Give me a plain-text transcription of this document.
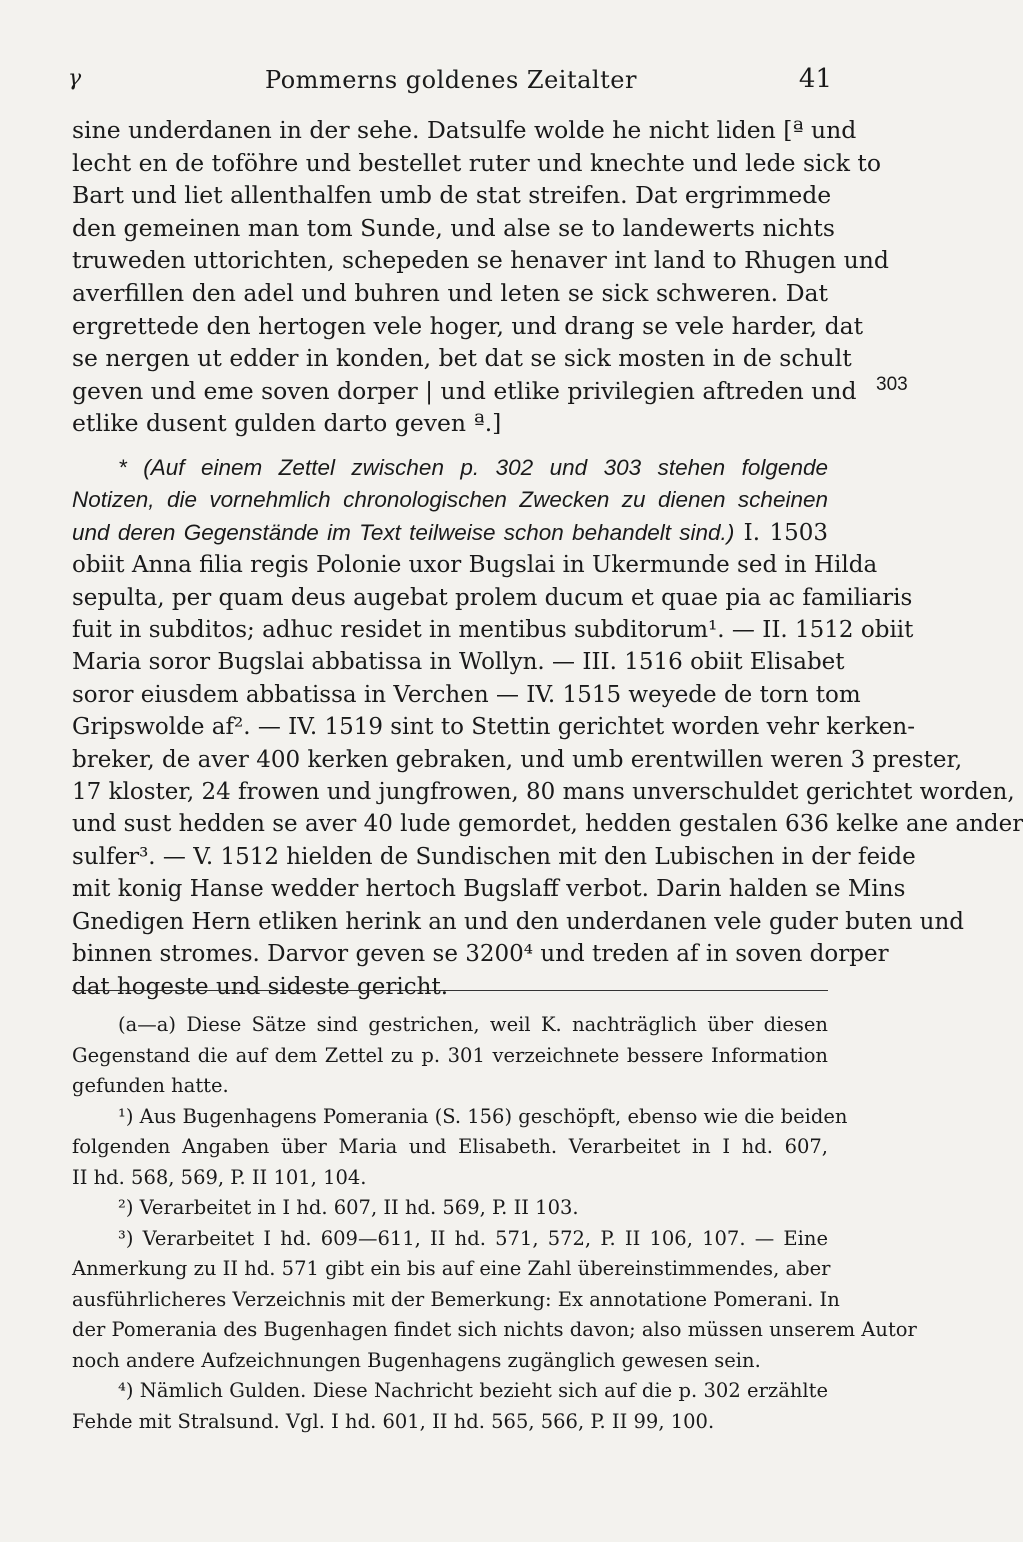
γ	Pommerns goldenes Zeitalter	41
303
sine underdanen in der sehe. Datsulfe wolde he nicht liden [ª und
lecht en de toföhre und bestellet ruter und knechte und lede sick to
Bart und liet allenthalfen umb de stat streifen. Dat ergrimmede
den gemeinen man tom Sunde, und alse se to landewerts nichts
truweden uttorichten, schepeden se henaver int land to Rhugen und
averfillen den adel und buhren und leten se sick schweren. Dat
ergrettede den hertogen vele hoger, und drang se vele harder, dat
se nergen ut edder in konden, bet dat se sick mosten in de schult
geven und eme soven dorper | und etlike privilegien aftreden und
etlike dusent gulden darto geven ª.]
* (Auf einem Zettel zwischen p. 302 und 303 stehen folgende
Notizen, die vornehmlich chronologischen Zwecken zu dienen scheinen
und deren Gegenstände im Text teilweise schon behandelt sind.) I. 1503
obiit Anna filia regis Polonie uxor Bugslai in Ukermunde sed in Hilda
sepulta, per quam deus augebat prolem ducum et quae pia ac familiaris
fuit in subditos; adhuc residet in mentibus subditorum¹. — II. 1512 obiit
Maria soror Bugslai abbatissa in Wollyn. — III. 1516 obiit Elisabet
soror eiusdem abbatissa in Verchen — IV. 1515 weyede de torn tom
Gripswolde af². — IV. 1519 sint to Stettin gerichtet worden vehr kerken-
breker, de aver 400 kerken gebraken, und umb erentwillen weren 3 prester,
17 kloster, 24 frowen und jungfrowen, 80 mans unverschuldet gerichtet worden,
und sust hedden se aver 40 lude gemordet, hedden gestalen 636 kelke ane ander
sulfer³. — V. 1512 hielden de Sundischen mit den Lubischen in der feide
mit konig Hanse wedder hertoch Bugslaff verbot. Darin halden se Mins
Gnedigen Hern etliken herink an und den underdanen vele guder buten und
binnen stromes. Darvor geven se 3200⁴ und treden af in soven dorper
dat hogeste und sideste gericht.
(a—a) Diese Sätze sind gestrichen, weil K. nachträglich über diesen
Gegenstand die auf dem Zettel zu p. 301 verzeichnete bessere Information
gefunden hatte.
¹) Aus Bugenhagens Pomerania (S. 156) geschöpft, ebenso wie die beiden
folgenden Angaben über Maria und Elisabeth. Verarbeitet in I hd. 607,
II hd. 568, 569, P. II 101, 104.
²) Verarbeitet in I hd. 607, II hd. 569, P. II 103.
³) Verarbeitet I hd. 609—611, II hd. 571, 572, P. II 106, 107. — Eine
Anmerkung zu II hd. 571 gibt ein bis auf eine Zahl übereinstimmendes, aber
ausführlicheres Verzeichnis mit der Bemerkung: Ex annotatione Pomerani. In
der Pomerania des Bugenhagen findet sich nichts davon; also müssen unserem Autor
noch andere Aufzeichnungen Bugenhagens zugänglich gewesen sein.
⁴) Nämlich Gulden. Diese Nachricht bezieht sich auf die p. 302 erzählte
Fehde mit Stralsund. Vgl. I hd. 601, II hd. 565, 566, P. II 99, 100.
